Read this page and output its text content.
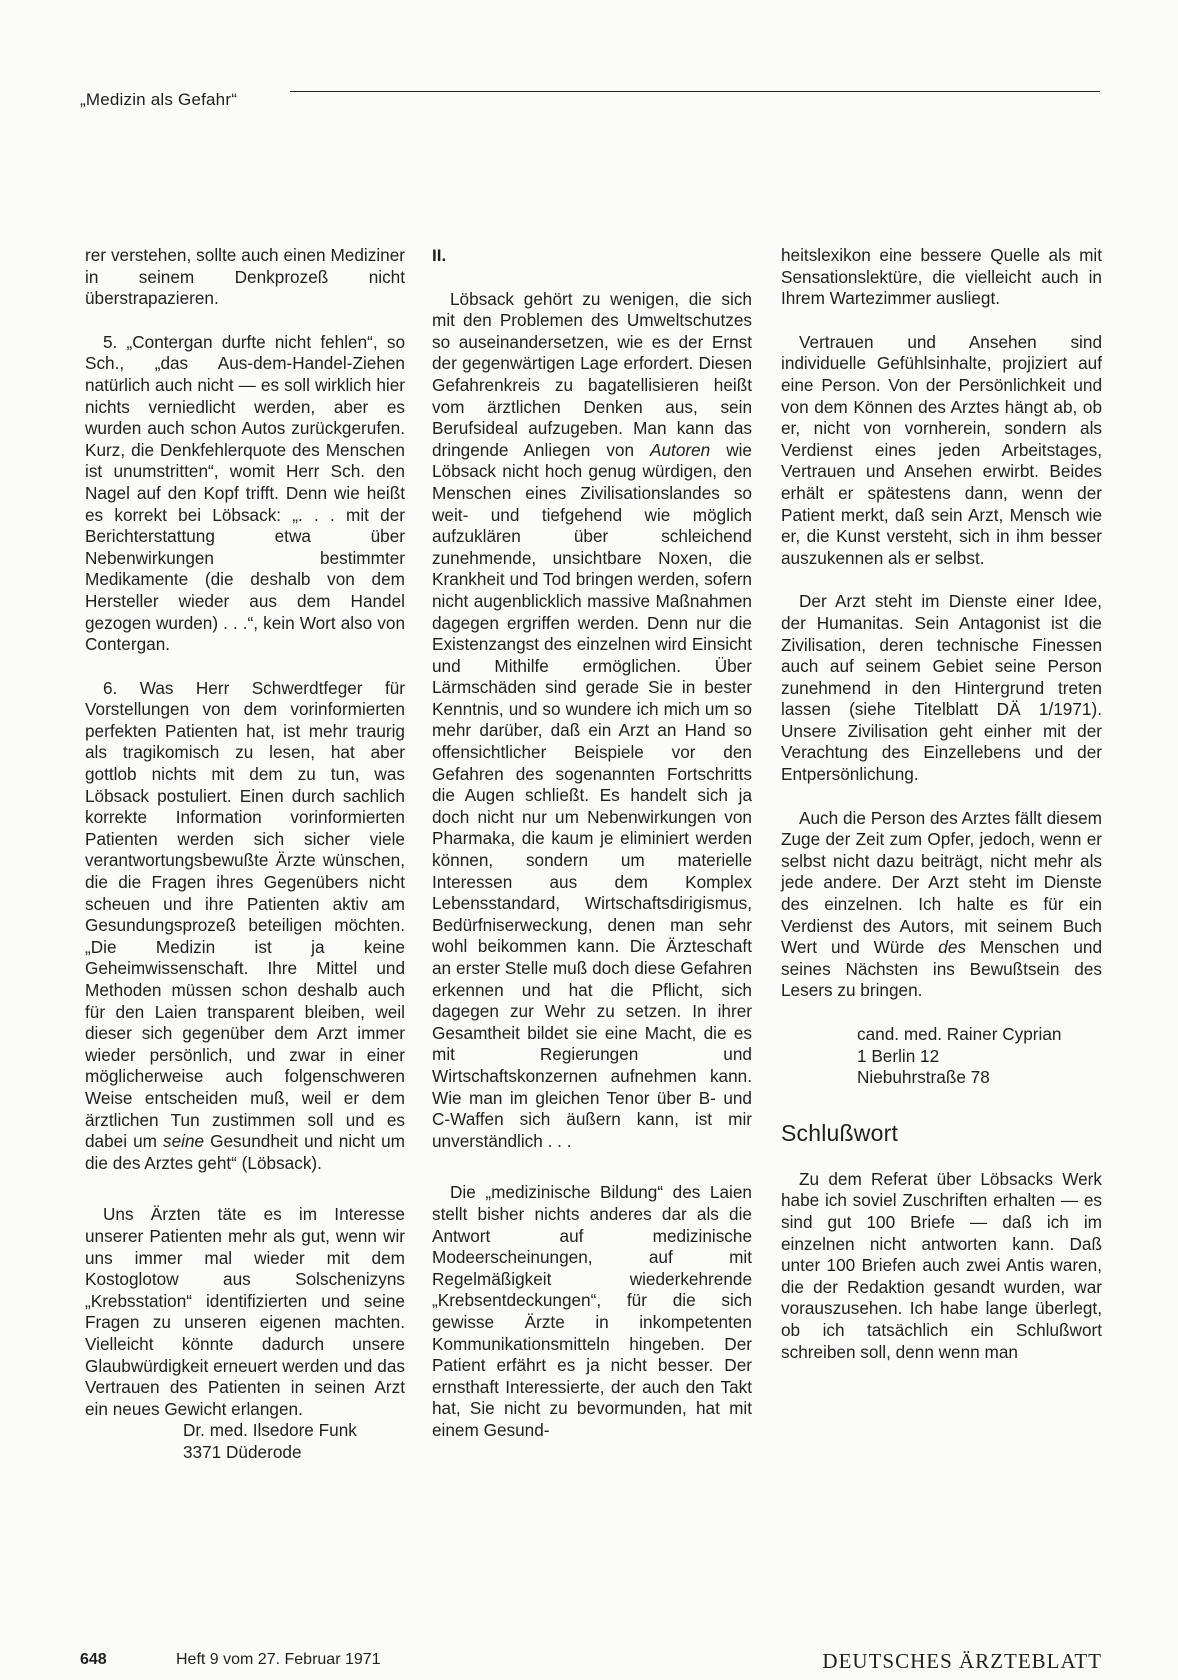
„Medizin als Gefahr“

rer verstehen, sollte auch einen Mediziner in seinem Denkprozeß nicht überstrapazieren.

5. „Contergan durfte nicht fehlen“, so Sch., „das Aus-dem-Handel-Ziehen natürlich auch nicht — es soll wirklich hier nichts verniedlicht werden, aber es wurden auch schon Autos zurückgerufen. Kurz, die Denkfehlerquote des Menschen ist unumstritten“, womit Herr Sch. den Nagel auf den Kopf trifft. Denn wie heißt es korrekt bei Löbsack: „. . . mit der Berichterstattung etwa über Nebenwirkungen bestimmter Medikamente (die deshalb von dem Hersteller wieder aus dem Handel gezogen wurden) . . .“, kein Wort also von Contergan.

6. Was Herr Schwerdtfeger für Vorstellungen von dem vorinformierten perfekten Patienten hat, ist mehr traurig als tragikomisch zu lesen, hat aber gottlob nichts mit dem zu tun, was Löbsack postuliert. Einen durch sachlich korrekte Information vorinformierten Patienten werden sich sicher viele verantwortungsbewußte Ärzte wünschen, die die Fragen ihres Gegenübers nicht scheuen und ihre Patienten aktiv am Gesundungsprozeß beteiligen möchten. „Die Medizin ist ja keine Geheimwissenschaft. Ihre Mittel und Methoden müssen schon deshalb auch für den Laien transparent bleiben, weil dieser sich gegenüber dem Arzt immer wieder persönlich, und zwar in einer möglicherweise auch folgenschweren Weise entscheiden muß, weil er dem ärztlichen Tun zustimmen soll und es dabei um seine Gesundheit und nicht um die des Arztes geht“ (Löbsack).

Uns Ärzten täte es im Interesse unserer Patienten mehr als gut, wenn wir uns immer mal wieder mit dem Kostoglotow aus Solschenizyns „Krebsstation“ identifizierten und seine Fragen zu unseren eigenen machten. Vielleicht könnte dadurch unsere Glaubwürdigkeit erneuert werden und das Vertrauen des Patienten in seinen Arzt ein neues Gewicht erlangen.

Dr. med. Ilsedore Funk

3371 Düderode

II.

Löbsack gehört zu wenigen, die sich mit den Problemen des Umweltschutzes so auseinandersetzen, wie es der Ernst der gegenwärtigen Lage erfordert. Diesen Gefahrenkreis zu bagatellisieren heißt vom ärztlichen Denken aus, sein Berufsideal aufzugeben. Man kann das dringende Anliegen von Autoren wie Löbsack nicht hoch genug würdigen, den Menschen eines Zivilisationslandes so weit- und tiefgehend wie möglich aufzuklären über schleichend zunehmende, unsichtbare Noxen, die Krankheit und Tod bringen werden, sofern nicht augenblicklich massive Maßnahmen dagegen ergriffen werden. Denn nur die Existenzangst des einzelnen wird Einsicht und Mithilfe ermöglichen. Über Lärmschäden sind gerade Sie in bester Kenntnis, und so wundere ich mich um so mehr darüber, daß ein Arzt an Hand so offensichtlicher Beispiele vor den Gefahren des sogenannten Fortschritts die Augen schließt. Es handelt sich ja doch nicht nur um Nebenwirkungen von Pharmaka, die kaum je eliminiert werden können, sondern um materielle Interessen aus dem Komplex Lebensstandard, Wirtschaftsdirigismus, Bedürfniserweckung, denen man sehr wohl beikommen kann. Die Ärzteschaft an erster Stelle muß doch diese Gefahren erkennen und hat die Pflicht, sich dagegen zur Wehr zu setzen. In ihrer Gesamtheit bildet sie eine Macht, die es mit Regierungen und Wirtschaftskonzernen aufnehmen kann. Wie man im gleichen Tenor über B- und C-Waffen sich äußern kann, ist mir unverständlich . . .

Die „medizinische Bildung“ des Laien stellt bisher nichts anderes dar als die Antwort auf medizinische Modeerscheinungen, auf mit Regelmäßigkeit wiederkehrende „Krebsentdeckungen“, für die sich gewisse Ärzte in inkompetenten Kommunikationsmitteln hingeben. Der Patient erfährt es ja nicht besser. Der ernsthaft Interessierte, der auch den Takt hat, Sie nicht zu bevormunden, hat mit einem Gesund-

heitslexikon eine bessere Quelle als mit Sensationslektüre, die vielleicht auch in Ihrem Wartezimmer ausliegt.

Vertrauen und Ansehen sind individuelle Gefühlsinhalte, projiziert auf eine Person. Von der Persönlichkeit und von dem Können des Arztes hängt ab, ob er, nicht von vornherein, sondern als Verdienst eines jeden Arbeitstages, Vertrauen und Ansehen erwirbt. Beides erhält er spätestens dann, wenn der Patient merkt, daß sein Arzt, Mensch wie er, die Kunst versteht, sich in ihm besser auszukennen als er selbst.

Der Arzt steht im Dienste einer Idee, der Humanitas. Sein Antagonist ist die Zivilisation, deren technische Finessen auch auf seinem Gebiet seine Person zunehmend in den Hintergrund treten lassen (siehe Titelblatt DÄ 1/1971). Unsere Zivilisation geht einher mit der Verachtung des Einzellebens und der Entpersönlichung.

Auch die Person des Arztes fällt diesem Zuge der Zeit zum Opfer, jedoch, wenn er selbst nicht dazu beiträgt, nicht mehr als jede andere. Der Arzt steht im Dienste des einzelnen. Ich halte es für ein Verdienst des Autors, mit seinem Buch Wert und Würde des Menschen und seines Nächsten ins Bewußtsein des Lesers zu bringen.

cand. med. Rainer Cyprian

1 Berlin 12

Niebuhrstraße 78

Schlußwort

Zu dem Referat über Löbsacks Werk habe ich soviel Zuschriften erhalten — es sind gut 100 Briefe — daß ich im einzelnen nicht antworten kann. Daß unter 100 Briefen auch zwei Antis waren, die der Redaktion gesandt wurden, war vorauszusehen. Ich habe lange überlegt, ob ich tatsächlich ein Schlußwort schreiben soll, denn wenn man

648	Heft 9 vom 27. Februar 1971	DEUTSCHES ÄRZTEBLATT
